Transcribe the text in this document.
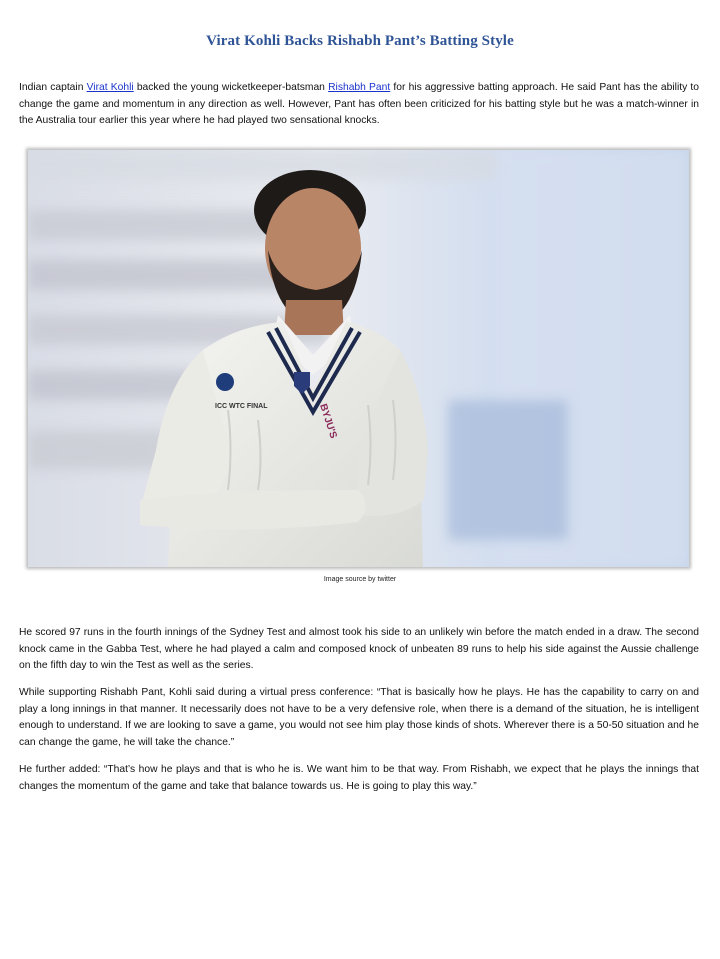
Virat Kohli Backs Rishabh Pant’s Batting Style

Indian captain Virat Kohli backed the young wicketkeeper-batsman Rishabh Pant for his aggressive batting approach. He said Pant has the ability to change the game and momentum in any direction as well. However, Pant has often been criticized for his batting style but he was a match-winner in the Australia tour earlier this year where he had played two sensational knocks.

ICC WTC FINAL	BYJU'S
Image source by twitter

He scored 97 runs in the fourth innings of the Sydney Test and almost took his side to an unlikely win before the match ended in a draw. The second knock came in the Gabba Test, where he had played a calm and composed knock of unbeaten 89 runs to help his side against the Aussie challenge on the fifth day to win the Test as well as the series.

While supporting Rishabh Pant, Kohli said during a virtual press conference: “That is basically how he plays. He has the capability to carry on and play a long innings in that manner. It necessarily does not have to be a very defensive role, when there is a demand of the situation, he is intelligent enough to understand. If we are looking to save a game, you would not see him play those kinds of shots. Wherever there is a 50-50 situation and he can change the game, he will take the chance.”

He further added: “That’s how he plays and that is who he is. We want him to be that way. From Rishabh, we expect that he plays the innings that changes the momentum of the game and take that balance towards us. He is going to play this way.”
